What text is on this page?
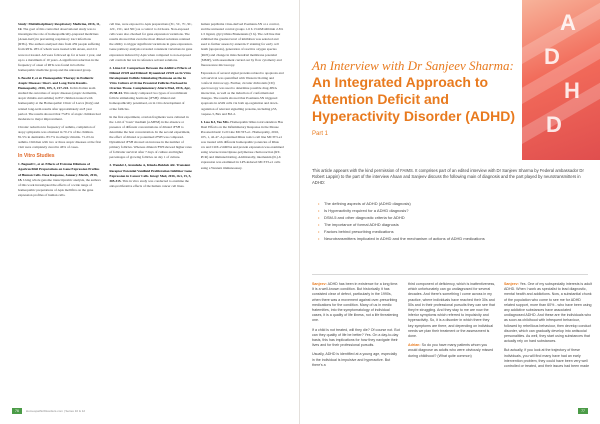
Study: Multidisciplinary Respiratory Medicine, 2016, 11, 12. The goal of this controlled observational study was to investigate the role of homeopathically-prepared medicines (Arsen-herb) in preventing respiratory tract infections (RTIs). The authors analysed data from 459 people suffering from RTIs. 283 of whom were treated with Arsen, and 211 were not treated. All were followed up for at least 1 year, and up to a maximum of 10 years. A significant reduction in the frequency of onset of RTIs was found in both the homeopathic medicine group and the untreated group.

6. Boschi F, et al. Homeopathic Therapy in Pediatric Atopic Diseases: Short- and Long-Term Results. Homeopathy, 2016, 105, 3, 217-224. In this Italian team studied the outcomes of atopic diseases (atopic dermatitis, atopic rhinitis and asthma) in 857 children treated with homeopathy at the Homeopathic Clinic of Lucca (Italy) and related long-term results after approximately an 8 year period. The results showed that 75.8% of atopic children had moderate to major improvement.

Chronic reduction in frequency of asthma, completion of atopy symptoms was obtained in 70.1% of the children. 81.5% in dermatitis. 83.7% in allergic rhinitis. 71.4% in asthma. Children with two or three atopic diseases at the first visit were completely cured in 46% of cases.

In Vitro Studies

1. Bagnall C, et al. Effects of Extreme Dilutions of Agaricus/Ithil Preparations on Gene Expression Profiles of Human Cells. Dose Response, January-March, 2016, 15. Using whole genome transcriptomic analysis, the authors of this work investigated the effects of a wide range of homeopathic preparations of Apis mellifica on the gene expression profiles of human cells.

cell line, were exposed to Apis preparations (3C, 5C, 7C, 9C, 12C, 15C, and 30C) as a control to 24 hours. Non-exposed cells were also checked for gene expression variations. The results showed that even the most diluted solutions retained the ability to trigger significant variations in gene expression. Gene pathway analysis revealed consistent variations in gene expression induced by Apis when compared to non-exposed cell controls but not in reference solvent solutions.

2. Lima LF. Comparison Between the Additive Effects of Diluted rFSH and Diluted/ Dynamized rFSH on In Vitro Development Follicle Stimulating Hormone on the In Vitro Culture of Ovine Preantral Follicles Enclosed in Ovarian Tissue. Complementary Altern Med, 2016, Apr, 25:38-44. This study compared two types of recombinant follicle stimulating hormone (rFSH): diluted and homeopathically potentised, on in vitro development of ovine follicles.

In the first experiment, ovarian fragments were cultured in the 1-ml of ‘basic’ medium (α-MEM) in the absence or presence of different concentrations of diluted rFSH to determine the best concentration. In the second experiment, the effect of diluted or potentised rFSH was compared. Dynamized rFSH showed an increase in the number of primary follicles. Whereas diluted rFSH showed higher rates of follicular survival after 7 days of culture and higher percentages of growing follicles on day 1 of culture.

3. Wendel J, Avendaño A, Khuda-Bukhsh AR. Transient Receptor Potential Vanilloid Proliferation Inhibitor Gene Expression in Cancer Cells. Integr Med, 2016, Oct, 15, 5, 305-315. This in vitro study was conducted to examine the anti-proliferative effects of the human cancer cell lines.

human papilloma virus-derived Poemann-SN or a control, and the untreated control groups 1-6 h 13 mM/silibinin 2-8 h 2-5 ligand, glycyrrhiza Bruneiensis (5 h). The cell line that exhibited the greatest level of inhibition was selected and used to further assess by annexin-V staining for early cell death (apoptosis), generation of reactive oxygen species (ROS) and change in mitochondrial membrane potential (MMP), with assessment carried out by flow cytometry and fluorescence microscopy.

Expression of several signal proteins related to apoptosis and cell survival was quantified with Western blotting and confocal microscopy. Further, circular dichroism (CD) spectroscopy was used to determine possible drug-DNA interaction, as well as the induction of conformational changes. The results showed that Poemann-SN triggered apoptosis in A549 cells via both up-regulation and down-regulation of relevant signalling proteins, including p53, caspase-3, Bax and Bcl-2.

4. Luo KJ, Yeo MG. Homeopathic Rhus toxicodendron Has Dual Effects on the Inflammatory Response in the Mouse Preosteoblastic Cell Line MC3T3-e1. Homeopathy, 2016, 105, 1, 42-47. A potentised Rhus toxico cell line MC3T3-e1 was treated with different homeopathic potencies of Rhus tox and COX-2 mRNA and protein expression was examined using reverse transcriptase-polymerase chain reaction (RT-PCR) and immunoblotting. Additionally, interleukin (IL)-6 expression was examined in LPS-induced MC3T3-e1 cells using a Western immunoassay.

76	HomeopathicDisorders.com | Series 10 & 12
A
D
H
D
An Interview with Dr Sanjeev Sharma:
An Integrated Approach to Attention Deficit and Hyperactivity Disorder (ADHD)
Part 1

This article appears with the kind permission of FAIMS. It comprises part of an edited interview with Dr Sanjeev Sharma by Federal ambassador Dr Robert Lappin) to the part of the interview Ahaan and Sanjeev discuss the following main of diagnosis and the part played by neurotransmitters in ADHD:

• The defining aspects of ADHD (ADHD diagnosis)
• Is Hyperactivity required for a ADHD diagnosis?
• DSM-5 and other diagnostic criteria for ADHD
• The importance of formal ADHD diagnosis
• Factors behind prescribing medications
• Neurotransmitters implicated in ADHD and the mechanism of actions of ADHD medications

Sanjeev: ADHD has been in existence for a long time. It is a well-known condition. But historically it has consisted clear of defect, particularly in the 1990s, when there was a movement against over-prescribing medications for the condition. Many of us in medic fraternities, into the symptomatology of individual cases, it is a quality of life illness, not a life threatening one.

If a child is not treated, will they die? Of course not. But can they quality of life be better? Yes. On a day-to-day basis, this has implications for how they navigate their lives and for their professional pursuits.

Usually, ADHD is identified at a young age, especially in the individual is impulsive and hyperactive. But there's a

third component of deficiency, which is inattentiveness, which unfortunately can go undiagnosed for several decades. And there's something I come across in my practice, where individuals have reached their 30s and 50s and in their professional pursuits they can see that they're struggling. And they stay to me are now the inferior symptoms which referred to impulsivity and hyperactivity. So, it is a disorder in which there they key symptoms are there, and depending on individual needs we plan their treatment or the assessment is done.

Adrian: So do you have many patients whom you would diagnose as adults who were obviously missed during childhood? (What quite common)

Sanjeev: Yes. One of my subspecialty interests is adult ADHD. When I work as specialist to lead diagnostic, mental health and addictions. Now, a substantial chunk of the population who come to see me for ADHD related support, more than 60% - who have been using any addictive substances have associated undiagnosed ADHD. And these are the individuals who as soon as childhood with infrequent behaviour, followed by rebellious behaviour, then develop conduct disorder, which can gradually develop into antisocial personalities. As well, they start using substances that actually rely on hard substances.

But actually, if you look at the trajectory of these individuals, you will find many have had an early intervention problem, they could have been very well controlled or treated, and their issues had been made

77
